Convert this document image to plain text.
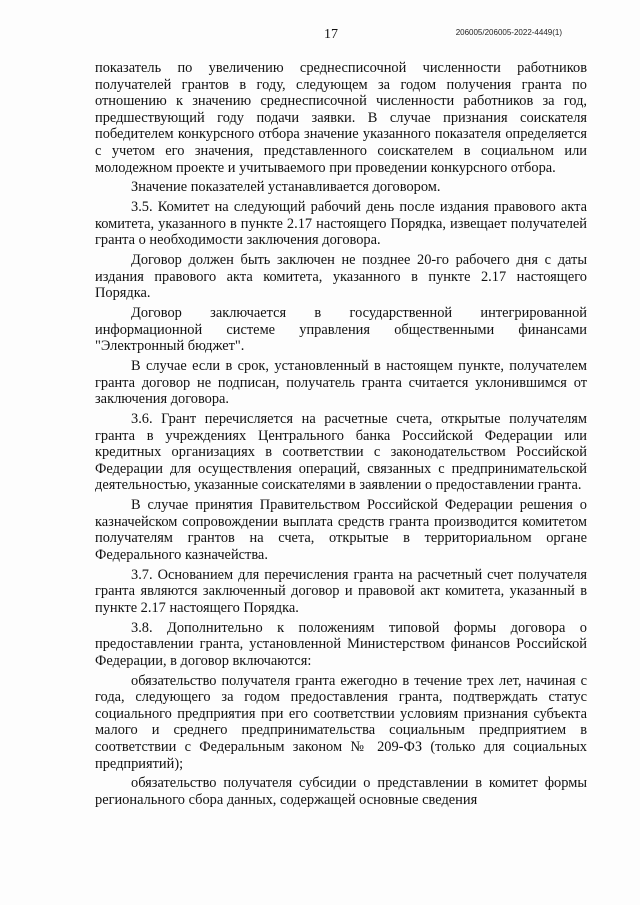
17	206005/206005-2022-4449(1)

показатель по увеличению среднесписочной численности работников получателей грантов в году, следующем за годом получения гранта по отношению к значению среднесписочной численности работников за год, предшествующий году подачи заявки. В случае признания соискателя победителем конкурсного отбора значение указанного показателя определяется с учетом его значения, представленного соискателем в социальном или молодежном проекте и учитываемого при проведении конкурсного отбора.

Значение показателей устанавливается договором.

3.5. Комитет на следующий рабочий день после издания правового акта комитета, указанного в пункте 2.17 настоящего Порядка, извещает получателей гранта о необходимости заключения договора.

Договор должен быть заключен не позднее 20-го рабочего дня с даты издания правового акта комитета, указанного в пункте 2.17 настоящего Порядка.

Договор заключается в государственной интегрированной информационной системе управления общественными финансами "Электронный бюджет".

В случае если в срок, установленный в настоящем пункте, получателем гранта договор не подписан, получатель гранта считается уклонившимся от заключения договора.

3.6. Грант перечисляется на расчетные счета, открытые получателям гранта в учреждениях Центрального банка Российской Федерации или кредитных организациях в соответствии с законодательством Российской Федерации для осуществления операций, связанных с предпринимательской деятельностью, указанные соискателями в заявлении о предоставлении гранта.

В случае принятия Правительством Российской Федерации решения о казначейском сопровождении выплата средств гранта производится комитетом получателям грантов на счета, открытые в территориальном органе Федерального казначейства.

3.7. Основанием для перечисления гранта на расчетный счет получателя гранта являются заключенный договор и правовой акт комитета, указанный в пункте 2.17 настоящего Порядка.

3.8. Дополнительно к положениям типовой формы договора о предоставлении гранта, установленной Министерством финансов Российской Федерации, в договор включаются:

обязательство получателя гранта ежегодно в течение трех лет, начиная с года, следующего за годом предоставления гранта, подтверждать статус социального предприятия при его соответствии условиям признания субъекта малого и среднего предпринимательства социальным предприятием в соответствии с Федеральным законом № 209-ФЗ (только для социальных предприятий);

обязательство получателя субсидии о представлении в комитет формы регионального сбора данных, содержащей основные сведения
